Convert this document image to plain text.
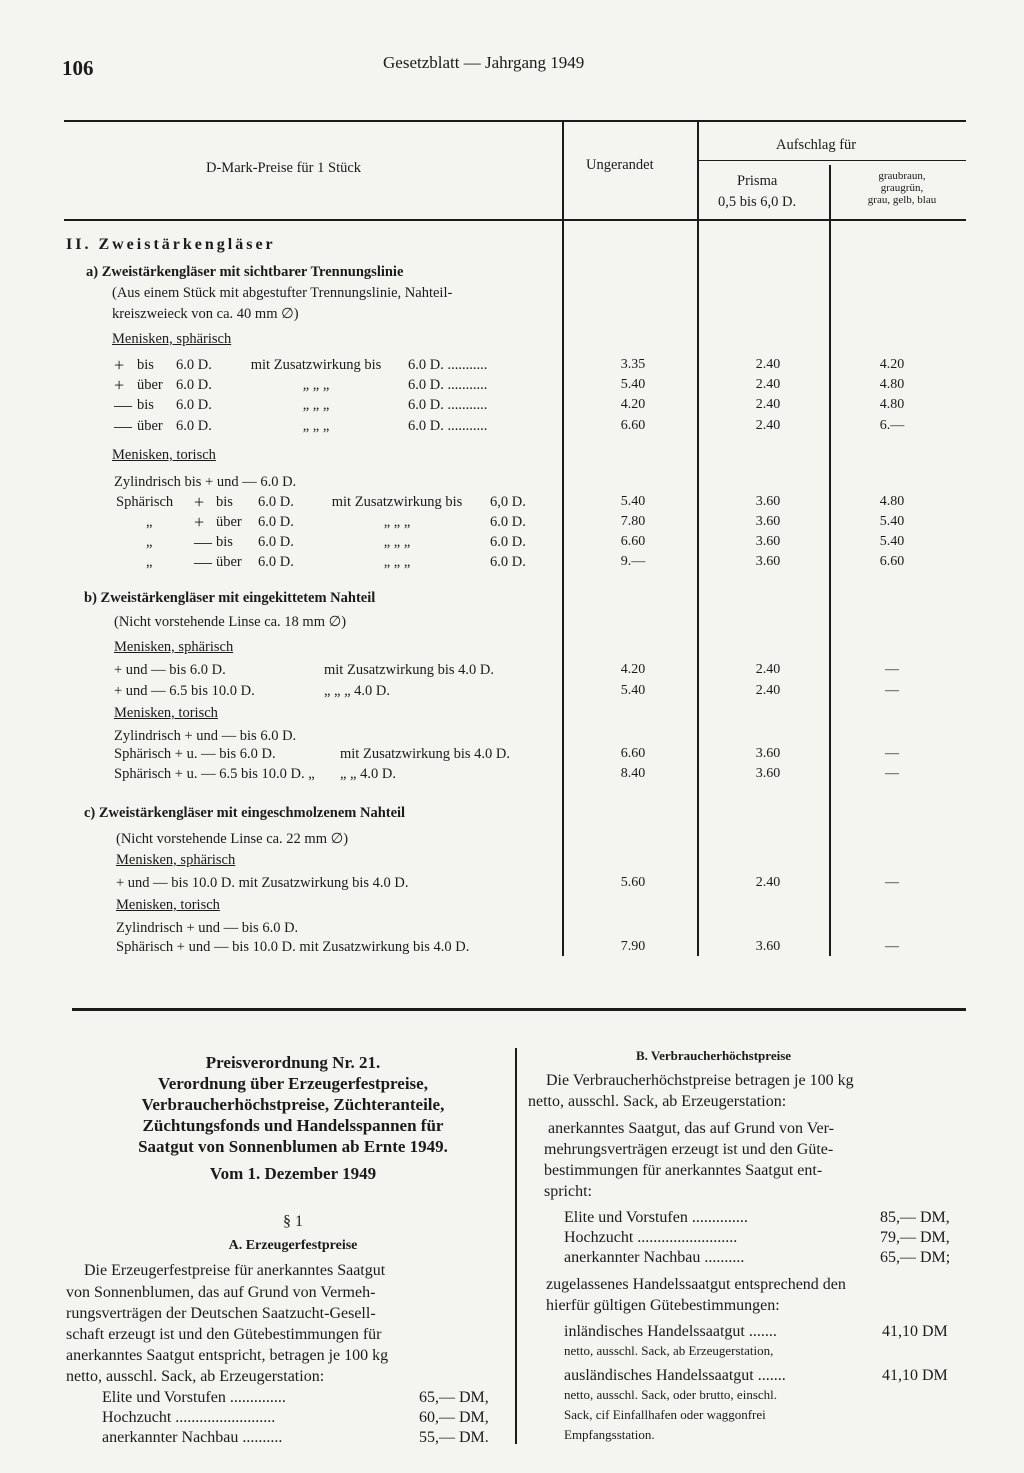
106	Gesetzblatt — Jahrgang 1949
D-Mark-Preise für 1 Stück	Ungerandet
Aufschlag für
Prisma
0,5 bis 6,0 D.
graubraun,
graugrün,
grau, gelb, blau
II. Zweistärkengläser
a) Zweistärkengläser mit sichtbarer Trennungslinie
(Aus einem Stück mit abgestufter Trennungslinie, Nahteil-
kreiszweieck von ca. 40 mm ∅)
Menisken, sphärisch
+ bis 6.0 D.	mit Zusatzwirkung bis	6.0 D. ...........	3.35	2.40	4.20
+ über 6.0 D.	„ „ „	6.0 D. ...........	5.40	2.40	4.80
— bis 6.0 D.	„ „ „	6.0 D. ...........	4.20	2.40	4.80
— über 6.0 D.	„ „ „	6.0 D. ...........	6.60	2.40	6.—
Menisken, torisch
Zylindrisch bis + und — 6.0 D.
Sphärisch + bis 6.0 D.	mit Zusatzwirkung bis	6,0 D.	5.40	3.60	4.80
„ + über 6.0 D.	„ „ „	6.0 D.	7.80	3.60	5.40
„ — bis 6.0 D.	„ „ „	6.0 D.	6.60	3.60	5.40
„ — über 6.0 D.	„ „ „	6.0 D.	9.—	3.60	6.60
b) Zweistärkengläser mit eingekittetem Nahteil
(Nicht vorstehende Linse ca. 18 mm ∅)
Menisken, sphärisch
+ und — bis 6.0 D.	mit Zusatzwirkung bis 4.0 D.	4.20	2.40	—
+ und — 6.5 bis 10.0 D.	„ „ „ 4.0 D.	5.40	2.40	—
Menisken, torisch
Zylindrisch + und — bis 6.0 D.
Sphärisch + u. — bis 6.0 D.	mit Zusatzwirkung bis 4.0 D.	6.60	3.60	—
Sphärisch + u. — 6.5 bis 10.0 D. „ „ „ 4.0 D.	8.40	3.60	—
c) Zweistärkengläser mit eingeschmolzenem Nahteil
(Nicht vorstehende Linse ca. 22 mm ∅)
Menisken, sphärisch
+ und — bis 10.0 D. mit Zusatzwirkung bis 4.0 D.	5.60	2.40	—
Menisken, torisch
Zylindrisch + und — bis 6.0 D.
Sphärisch + und — bis 10.0 D. mit Zusatzwirkung bis 4.0 D.	7.90	3.60	—
Preisverordnung Nr. 21.
Verordnung über Erzeugerfestpreise,
Verbraucherhöchstpreise, Züchteranteile,
Züchtungsfonds und Handelsspannen für
Saatgut von Sonnenblumen ab Ernte 1949.
Vom 1. Dezember 1949
§ 1
A. Erzeugerfestpreise
Die Erzeugerfestpreise für anerkanntes Saatgut
von Sonnenblumen, das auf Grund von Vermeh-
rungsverträgen der Deutschen Saatzucht-Gesell-
schaft erzeugt ist und den Gütebestimmungen für
anerkanntes Saatgut entspricht, betragen je 100 kg
netto, ausschl. Sack, ab Erzeugerstation:
Elite und Vorstufen ..............	65,— DM,
Hochzucht .........................	60,— DM,
anerkannter Nachbau ..........	55,— DM.
B. Verbraucherhöchstpreise
Die Verbraucherhöchstpreise betragen je 100 kg
netto, ausschl. Sack, ab Erzeugerstation:
anerkanntes Saatgut, das auf Grund von Ver-
mehrungsverträgen erzeugt ist und den Güte-
bestimmungen für anerkanntes Saatgut ent-
spricht:
Elite und Vorstufen ..............	85,— DM,
Hochzucht .........................	79,— DM,
anerkannter Nachbau ..........	65,— DM;
zugelassenes Handelssaatgut entsprechend den
hierfür gültigen Gütebestimmungen:
inländisches Handelssaatgut .......	41,10 DM
netto, ausschl. Sack, ab Erzeugerstation,
ausländisches Handelssaatgut .......	41,10 DM
netto, ausschl. Sack, oder brutto, einschl.
Sack, cif Einfallhafen oder waggonfrei
Empfangsstation.
